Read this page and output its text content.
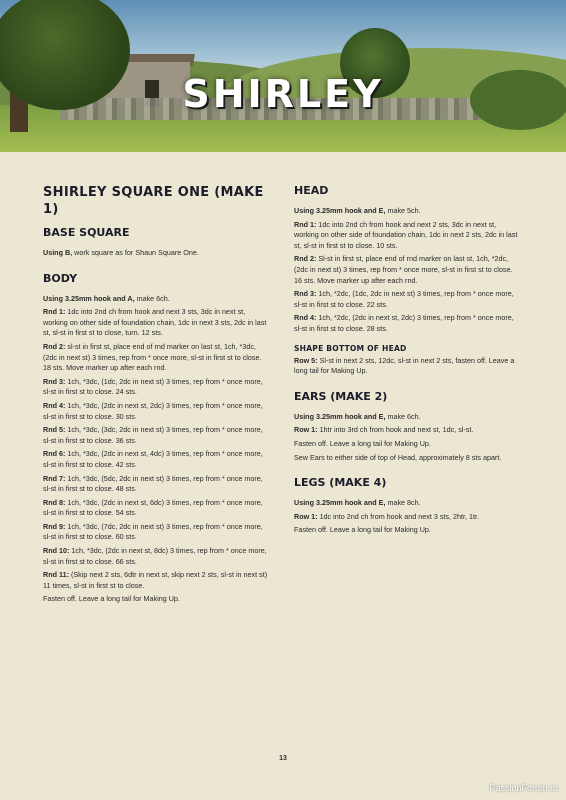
SHIRLEY
SHIRLEY SQUARE ONE (MAKE 1)
BASE SQUARE

Using B, work square as for Shaun Square One.

BODY

Using 3.25mm hook and A, make 6ch.

Rnd 1: 1dc into 2nd ch from hook and next 3 sts, 3dc in next st, working on other side of foundation chain, 1dc in next 3 sts, 2dc in last st, sl-st in first st to close, turn. 12 sts.

Rnd 2: sl-st in first st, place end of rnd marker on last st, 1ch, *3dc, (2dc in next st) 3 times, rep from * once more, sl-st in first st to close. 18 sts. Move marker up after each rnd.

Rnd 3: 1ch, *3dc, (1dc, 2dc in next st) 3 times, rep from * once more, sl-st in first st to close. 24 sts.

Rnd 4: 1ch, *3dc, (2dc in next st, 2dc) 3 times, rep from * once more, sl-st in first st to close. 30 sts.

Rnd 5: 1ch, *3dc, (3dc, 2dc in next st) 3 times, rep from * once more, sl-st in first st to close. 36 sts.

Rnd 6: 1ch, *3dc, (2dc in next st, 4dc) 3 times, rep from * once more, sl-st in first st to close. 42 sts.

Rnd 7: 1ch, *3dc, (5dc, 2dc in next st) 3 times, rep from * once more, sl-st in first st to close. 48 sts.

Rnd 8: 1ch, *3dc, (2dc in next st, 6dc) 3 times, rep from * once more, sl-st in first st to close. 54 sts.

Rnd 9: 1ch, *3dc, (7dc, 2dc in next st) 3 times, rep from * once more, sl-st in first st to close. 60 sts.

Rnd 10: 1ch, *3dc, (2dc in next st, 8dc) 3 times, rep from * once more, sl-st in first st to close. 66 sts.

Rnd 11: (Skip next 2 sts, 6dtr in next st, skip next 2 sts, sl-st in next st) 11 times, sl-st in first st to close.

Fasten off. Leave a long tail for Making Up.

HEAD

Using 3.25mm hook and E, make 5ch.

Rnd 1: 1dc into 2nd ch from hook and next 2 sts, 3dc in next st, working on other side of foundation chain, 1dc in next 2 sts, 2dc in last st, sl-st in first st to close. 10 sts.

Rnd 2: Sl-st in first st, place end of rnd marker on last st, 1ch, *2dc, (2dc in next st) 3 times, rep from * once more, sl-st in first st to close. 16 sts. Move marker up after each rnd.

Rnd 3: 1ch, *2dc, (1dc, 2dc in next st) 3 times, rep from * once more, sl-st in first st to close. 22 sts.

Rnd 4: 1ch, *2dc, (2dc in next st, 2dc) 3 times, rep from * once more, sl-st in first st to close. 28 sts.

SHAPE BOTTOM OF HEAD

Row 5: Sl-st in next 2 sts, 12dc, sl-st in next 2 sts, fasten off. Leave a long tail for Making Up.

EARS (MAKE 2)

Using 3.25mm hook and E, make 6ch.

Row 1: 1htr into 3rd ch from hook and next st, 1dc, sl-st.

Fasten off. Leave a long tail for Making Up.

Sew Ears to either side of top of Head, approximately 8 sts apart.

LEGS (MAKE 4)

Using 3.25mm hook and E, make 8ch.

Row 1: 1dc into 2nd ch from hook and next 3 sts, 2htr, 1tr.

Fasten off. Leave a long tail for Making Up.

13
PassionForum.ru
